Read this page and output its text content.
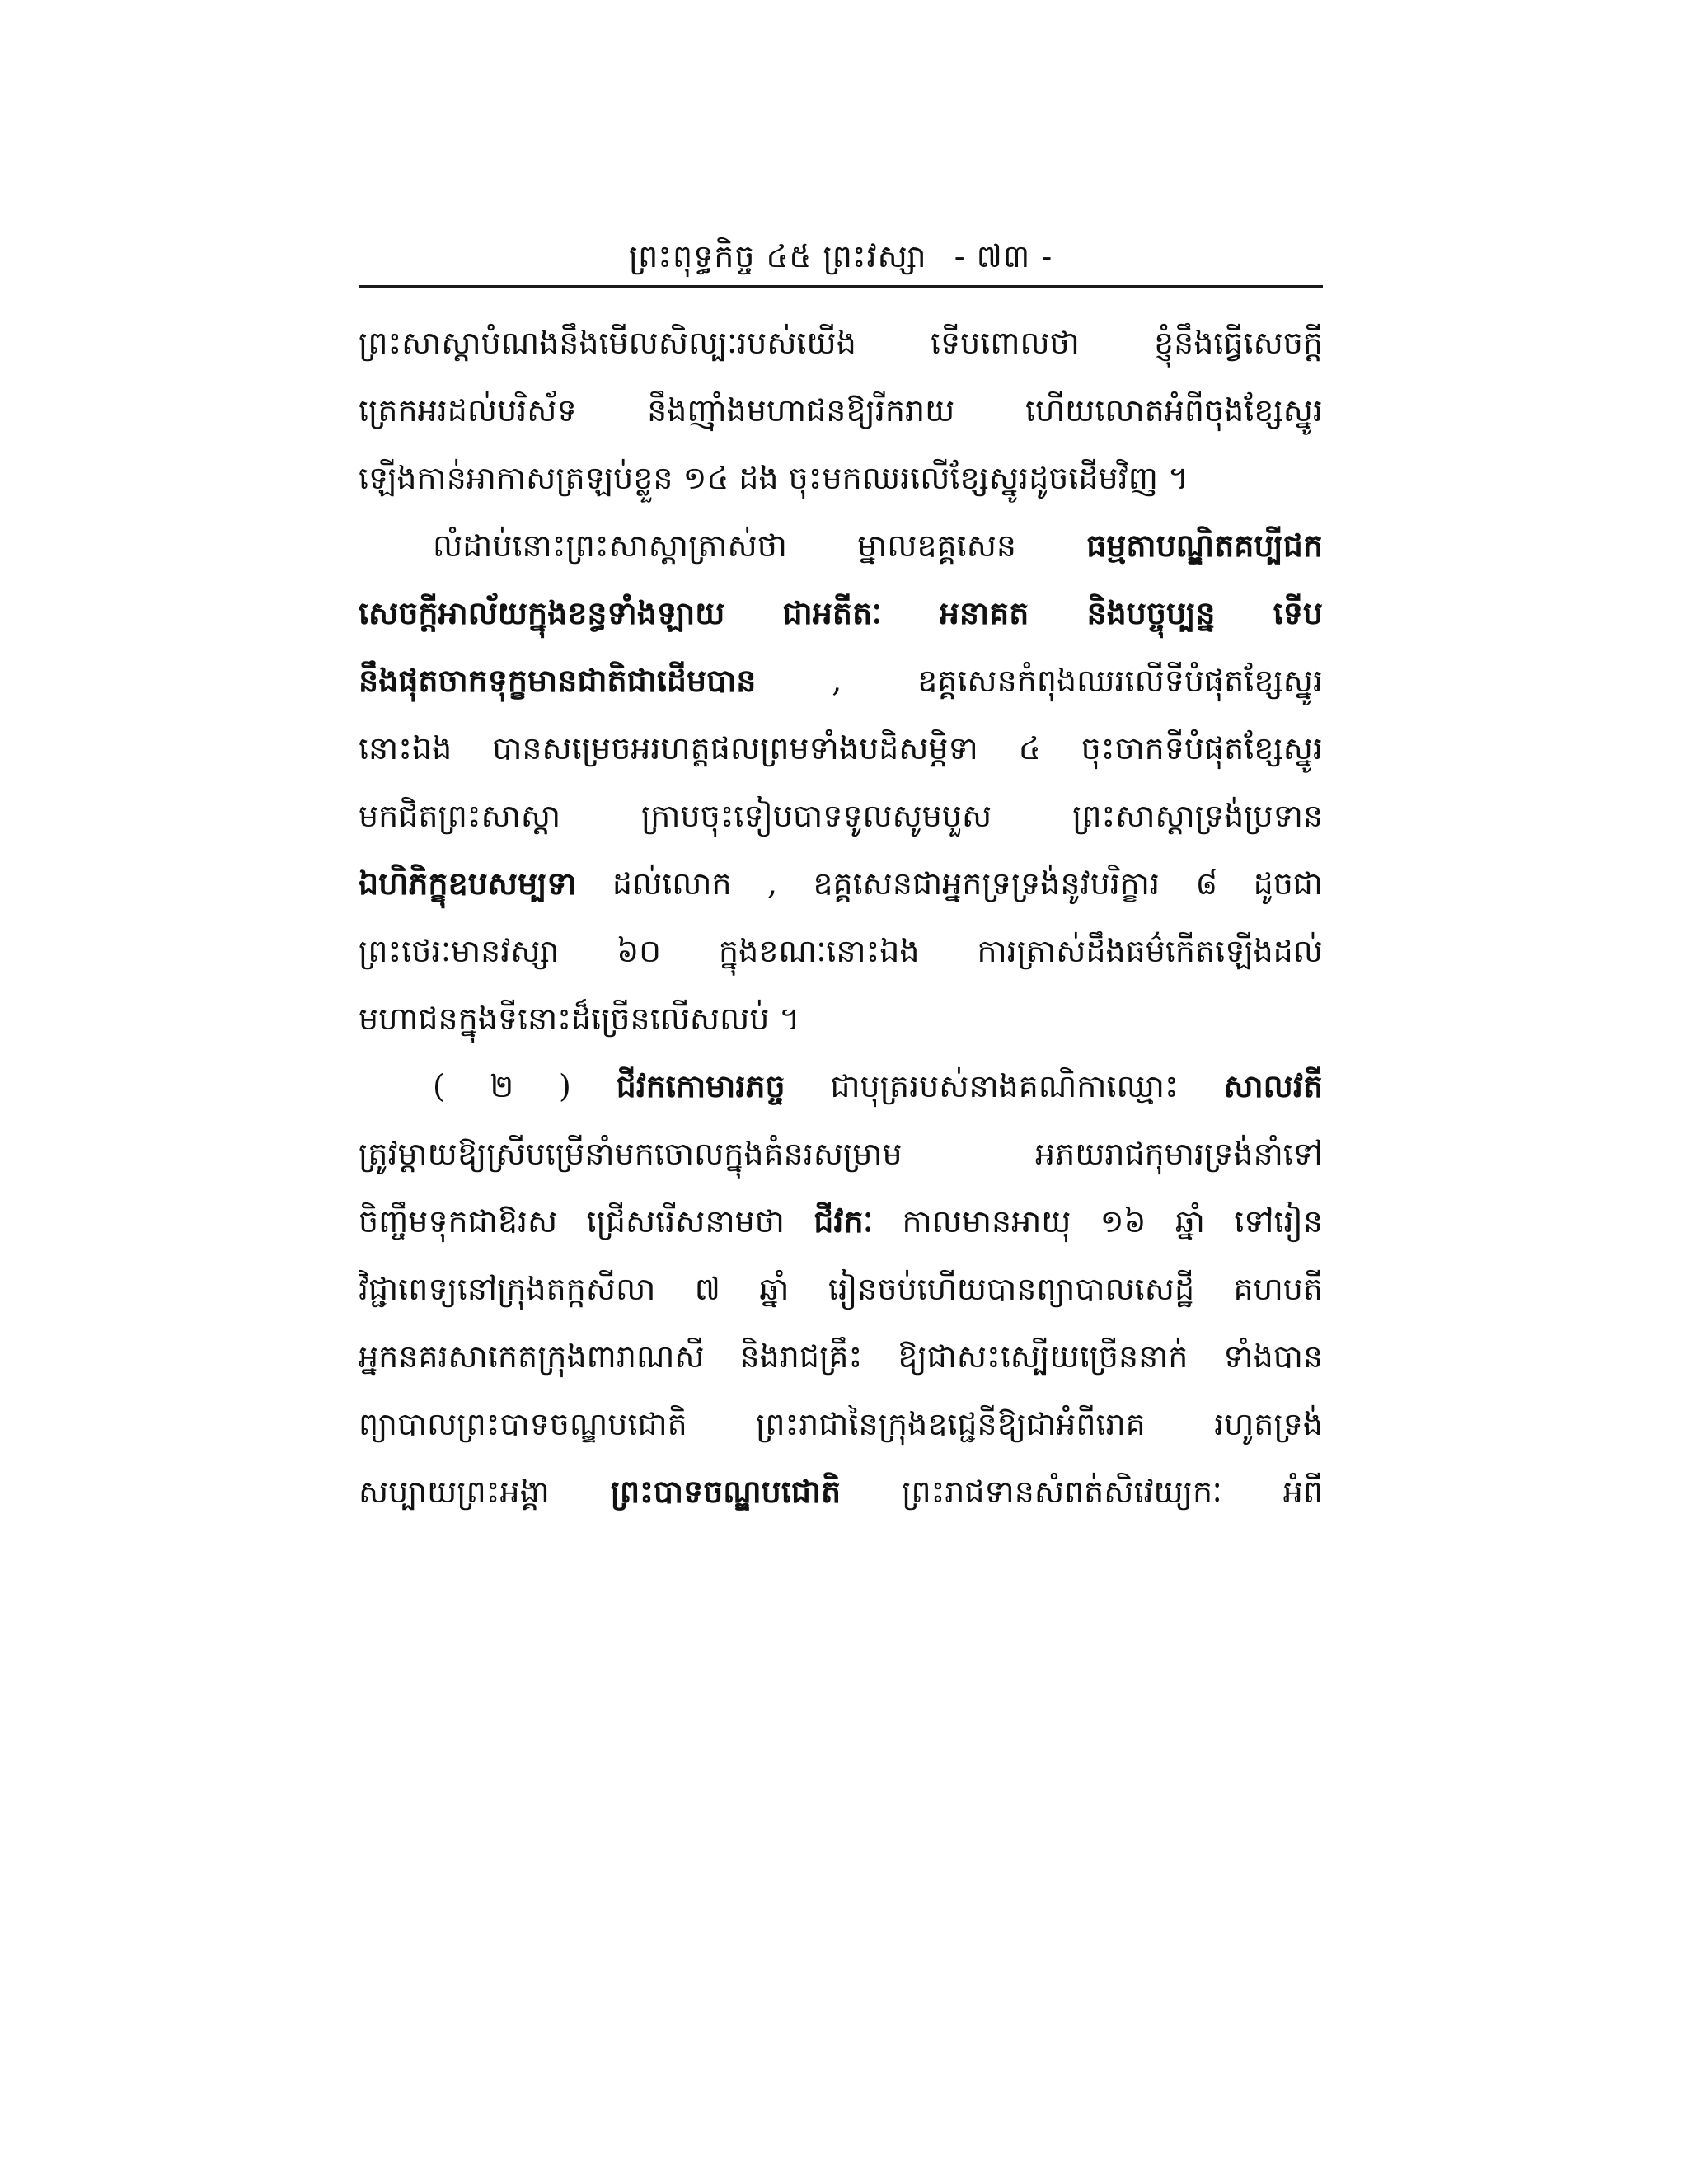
ព្រះពុទ្ធកិច្ច ៤៥ ព្រះវស្សា - ៧៣ -
ព្រះសាស្ដាបំណងនឹងមើលសិល្បៈរបស់យើង ទើបពោលថា ខ្ញុំនឹងធ្វើសេចក្ដី
ត្រេកអរដល់បរិស័ទ នឹងញ៉ាំងមហាជនឱ្យរីករាយ ហើយលោតអំពីចុងខ្សែស្នូរ
ឡើងកាន់អាកាសត្រឡប់ខ្លួន ១៤ ដង ចុះមកឈរលើខ្សែស្នូរដូចដើមវិញ ។
លំដាប់នោះព្រះសាស្ដាត្រាស់ថា ម្នាលឧគ្គសេន ធម្មតាបណ្ឌិតគប្បីជក
សេចក្ដីអាល័យក្នុងខន្ធទាំងឡាយ ជាអតីតៈ អនាគត និងបច្ចុប្បន្ន ទើប
នឹងផុតចាកទុក្ខមានជាតិជាដើមបាន , ឧគ្គសេនកំពុងឈរលើទីបំផុតខ្សែស្នូរ
នោះឯង បានសម្រេចអរហត្តផលព្រមទាំងបដិសម្ភិទា ៤ ចុះចាកទីបំផុតខ្សែស្នូរ
មកជិតព្រះសាស្ដា ក្រាបចុះទៀបបាទទូលសូមបួស ព្រះសាស្ដាទ្រង់ប្រទាន
ឯហិភិក្ខុឧបសម្បទា ដល់លោក , ឧគ្គសេនជាអ្នកទ្រទ្រង់នូវបរិក្ខារ ៨ ដូចជា
ព្រះថេរៈមានវស្សា ៦០ ក្នុងខណៈនោះឯង ការត្រាស់ដឹងធម៌កើតឡើងដល់
មហាជនក្នុងទីនោះដ៏ច្រើនលើសលប់ ។
( ២ ) ជីវកកោមារភច្ច ជាបុត្ររបស់នាងគណិកាឈ្មោះ សាលវតី
ត្រូវម្ដាយឱ្យស្រីបម្រើនាំមកចោលក្នុងគំនរសម្រាម អភយរាជកុមារទ្រង់នាំទៅ
ចិញ្ចឹមទុកជាឱរស ជ្រើសរើសនាមថា ជីវកៈ កាលមានអាយុ ១៦ ឆ្នាំ ទៅរៀន
វិជ្ជាពេទ្យនៅក្រុងតក្កសីលា ៧ ឆ្នាំ រៀនចប់ហើយបានព្យាបាលសេដ្ឋី គហបតី
អ្នកនគរសាកេតក្រុងពារាណសី និងរាជគ្រឹះ ឱ្យជាសះស្បើយច្រើននាក់ ទាំងបាន
ព្យាបាលព្រះបាទចណ្ឌបជោតិ ព្រះរាជានៃក្រុងឧជ្ជេនីឱ្យជាអំពីរោគ រហូតទ្រង់
សប្បាយព្រះអង្គា ព្រះបាទចណ្ឌបជោតិ ព្រះរាជទានសំពត់សិវេយ្យកៈ អំពី
